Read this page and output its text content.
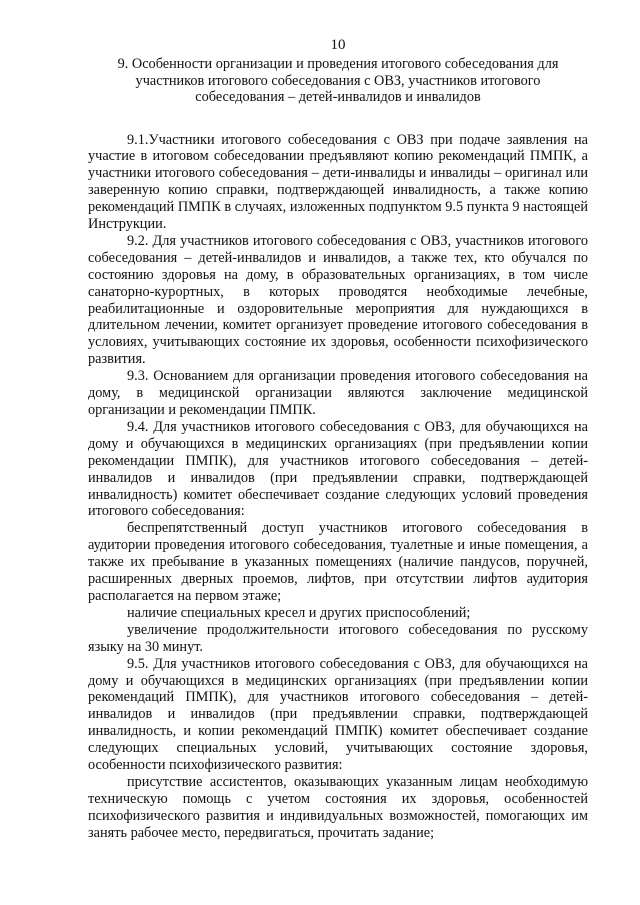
10
9. Особенности организации и проведения итогового собеседования для участников итогового собеседования с ОВЗ, участников итогового собеседования – детей-инвалидов и инвалидов

9.1.Участники итогового собеседования с ОВЗ при подаче заявления на участие в итоговом собеседовании предъявляют копию рекомендаций ПМПК, а участники итогового собеседования – дети-инвалиды и инвалиды – оригинал или заверенную копию справки, подтверждающей инвалидность, а также копию рекомендаций ПМПК в случаях, изложенных подпунктом 9.5 пункта 9 настоящей Инструкции.

9.2. Для участников итогового собеседования с ОВЗ, участников итогового собеседования – детей-инвалидов и инвалидов, а также тех, кто обучался по состоянию здоровья на дому, в образовательных организациях, в том числе санаторно-курортных, в которых проводятся необходимые лечебные, реабилитационные и оздоровительные мероприятия для нуждающихся в длительном лечении, комитет организует проведение итогового собеседования в условиях, учитывающих состояние их здоровья, особенности психофизического развития.

9.3. Основанием для организации проведения итогового собеседования на дому, в медицинской организации являются заключение медицинской организации и рекомендации ПМПК.

9.4. Для участников итогового собеседования с ОВЗ, для обучающихся на дому и обучающихся в медицинских организациях (при предъявлении копии рекомендации ПМПК), для участников итогового собеседования – детей-инвалидов и инвалидов (при предъявлении справки, подтверждающей инвалидность) комитет обеспечивает создание следующих условий проведения итогового собеседования:

беспрепятственный доступ участников итогового собеседования в аудитории проведения итогового собеседования, туалетные и иные помещения, а также их пребывание в указанных помещениях (наличие пандусов, поручней, расширенных дверных проемов, лифтов, при отсутствии лифтов аудитория располагается на первом этаже;

наличие специальных кресел и других приспособлений;

увеличение продолжительности итогового собеседования по русскому языку на 30 минут.

9.5. Для участников итогового собеседования с ОВЗ, для обучающихся на дому и обучающихся в медицинских организациях (при предъявлении копии рекомендаций ПМПК), для участников итогового собеседования – детей-инвалидов и инвалидов (при предъявлении справки, подтверждающей инвалидность, и копии рекомендаций ПМПК) комитет обеспечивает создание следующих специальных условий, учитывающих состояние здоровья, особенности психофизического развития:

присутствие ассистентов, оказывающих указанным лицам необходимую техническую помощь с учетом состояния их здоровья, особенностей психофизического развития и индивидуальных возможностей, помогающих им занять рабочее место, передвигаться, прочитать задание;
